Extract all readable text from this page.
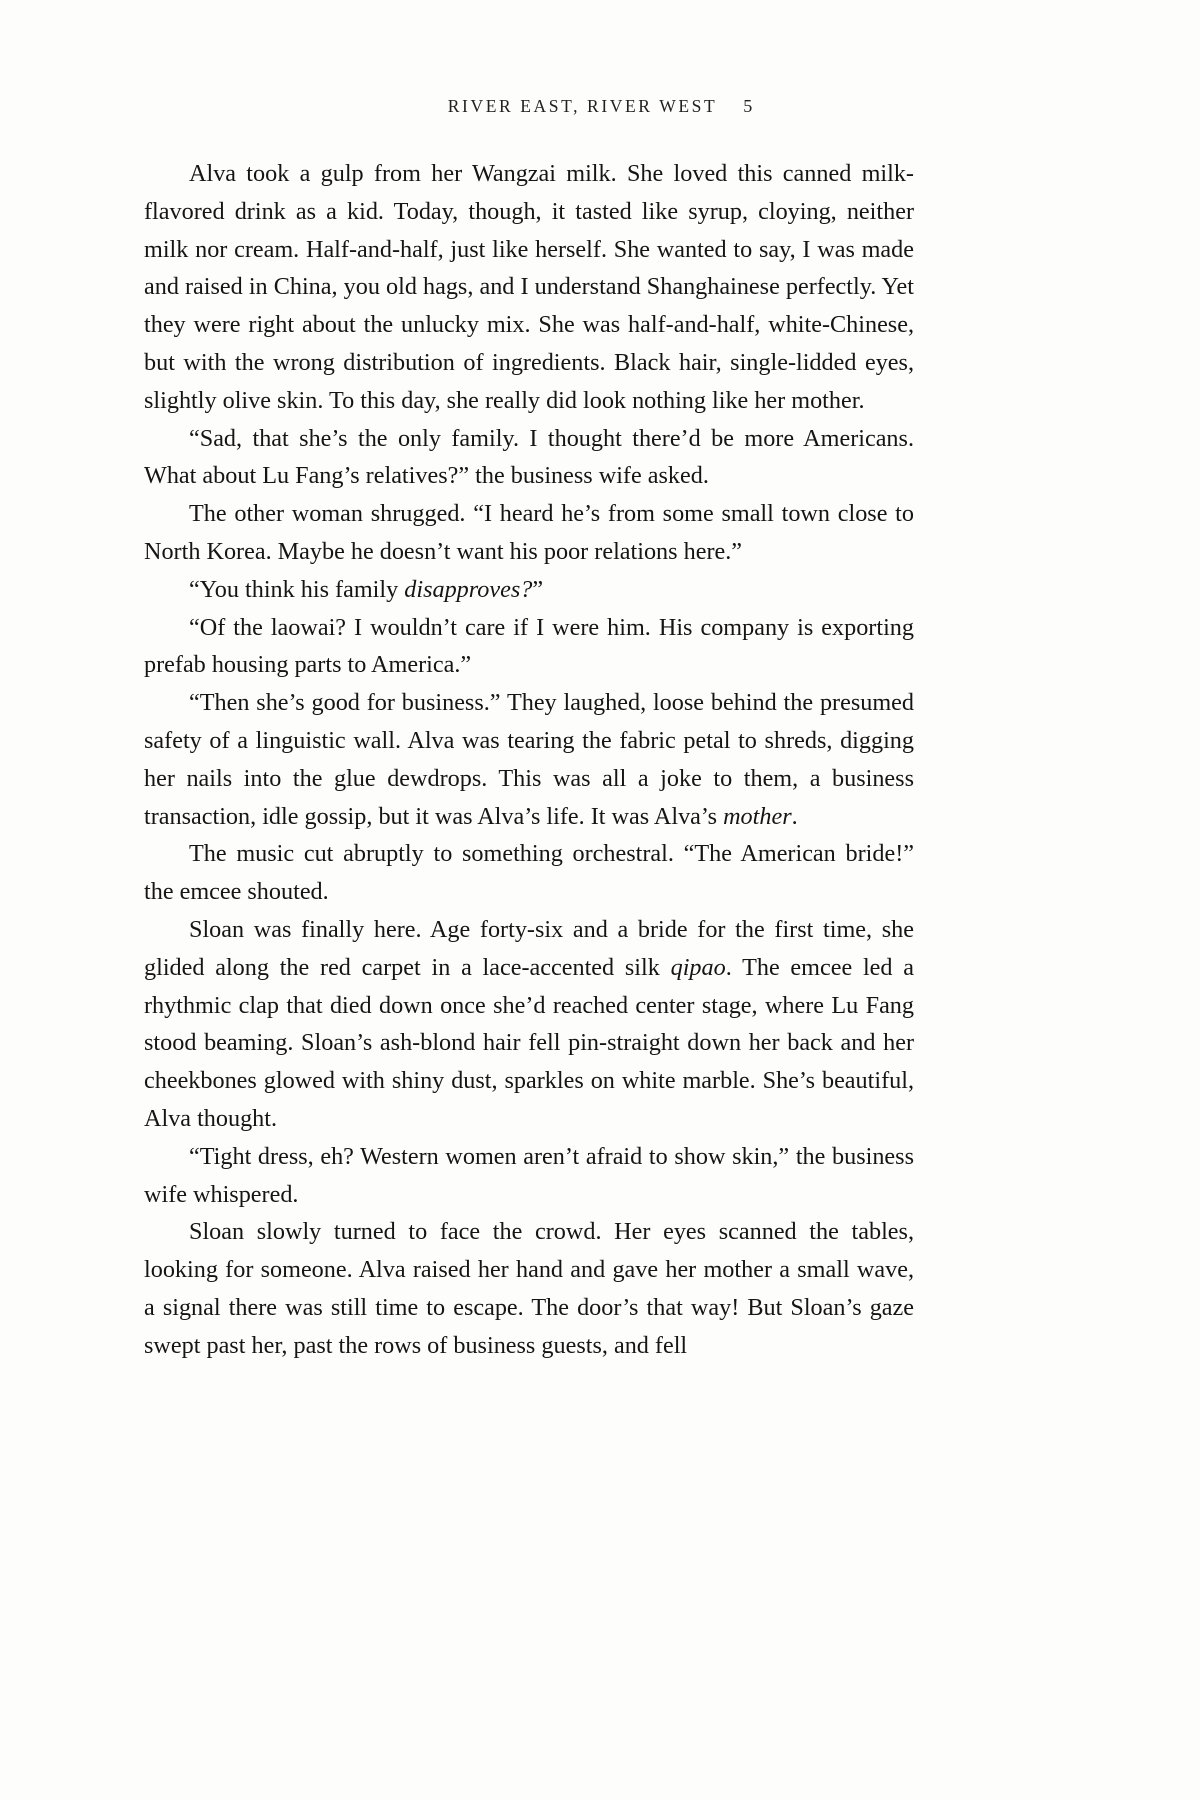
RIVER EAST, RIVER WEST 5

Alva took a gulp from her Wangzai milk. She loved this canned milk-flavored drink as a kid. Today, though, it tasted like syrup, cloying, neither milk nor cream. Half-and-half, just like herself. She wanted to say, I was made and raised in China, you old hags, and I understand Shanghainese perfectly. Yet they were right about the unlucky mix. She was half-and-half, white-Chinese, but with the wrong distribution of ingredients. Black hair, single-lidded eyes, slightly olive skin. To this day, she really did look nothing like her mother.

“Sad, that she’s the only family. I thought there’d be more Americans. What about Lu Fang’s relatives?” the business wife asked.

The other woman shrugged. “I heard he’s from some small town close to North Korea. Maybe he doesn’t want his poor relations here.”

“You think his family disapproves?”

“Of the laowai? I wouldn’t care if I were him. His company is exporting prefab housing parts to America.”

“Then she’s good for business.” They laughed, loose behind the presumed safety of a linguistic wall. Alva was tearing the fabric petal to shreds, digging her nails into the glue dewdrops. This was all a joke to them, a business transaction, idle gossip, but it was Alva’s life. It was Alva’s mother.

The music cut abruptly to something orchestral. “The American bride!” the emcee shouted.

Sloan was finally here. Age forty-six and a bride for the first time, she glided along the red carpet in a lace-accented silk qipao. The emcee led a rhythmic clap that died down once she’d reached center stage, where Lu Fang stood beaming. Sloan’s ash-blond hair fell pin-straight down her back and her cheekbones glowed with shiny dust, sparkles on white marble. She’s beautiful, Alva thought.

“Tight dress, eh? Western women aren’t afraid to show skin,” the business wife whispered.

Sloan slowly turned to face the crowd. Her eyes scanned the tables, looking for someone. Alva raised her hand and gave her mother a small wave, a signal there was still time to escape. The door’s that way! But Sloan’s gaze swept past her, past the rows of business guests, and fell
